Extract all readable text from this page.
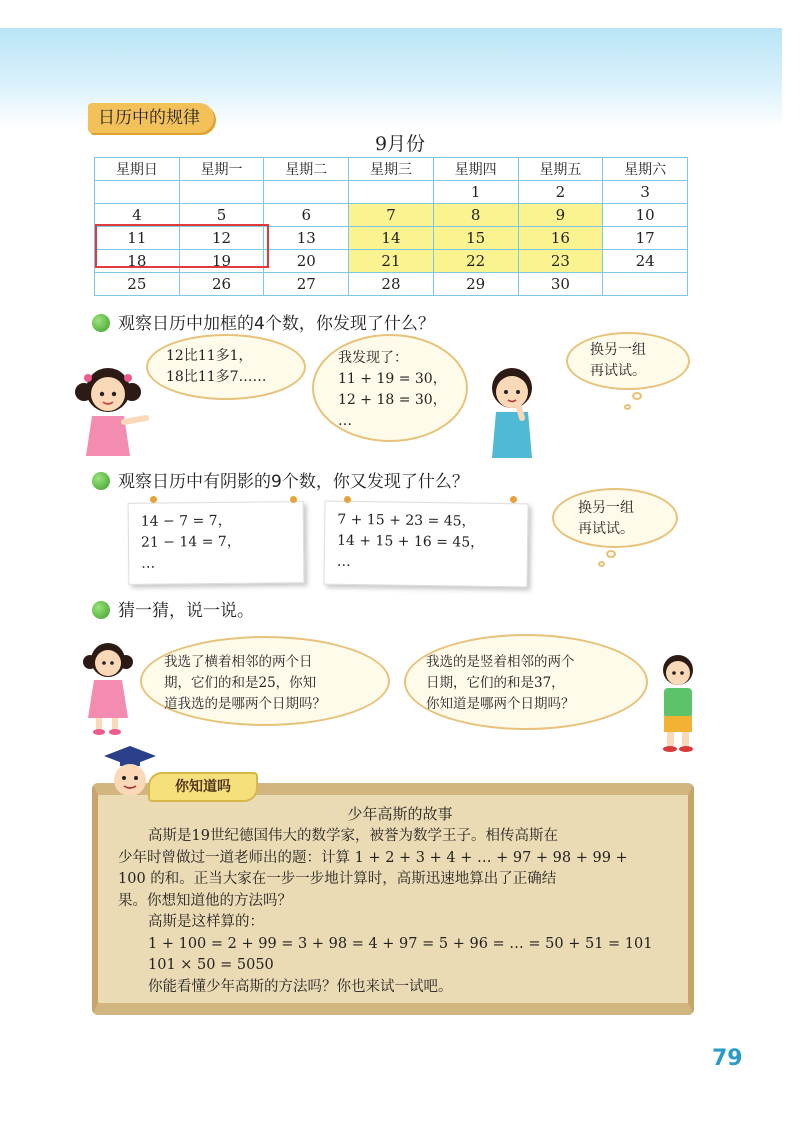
日历中的规律
9月份
星期日	星期一	星期二	星期三	星期四	星期五	星期六
				1	2	3
4	5	6	7	8	9	10
11	12	13	14	15	16	17
18	19	20	21	22	23	24
25	26	27	28	29	30	
观察日历中加框的4个数，你发现了什么？
12比11多1，
18比11多7……
我发现了：
11 + 19 = 30，
12 + 18 = 30，
…
换另一组
再试试。
观察日历中有阴影的9个数，你又发现了什么？
14 − 7 = 7，
21 − 14 = 7，
…
7 + 15 + 23 = 45，
14 + 15 + 16 = 45，
…
换另一组
再试试。
猜一猜，说一说。
我选了横着相邻的两个日
期，它们的和是25，你知
道我选的是哪两个日期吗？
我选的是竖着相邻的两个
日期，它们的和是37，
你知道是哪两个日期吗？
你知道吗
少年高斯的故事
高斯是19世纪德国伟大的数学家，被誉为数学王子。相传高斯在
少年时曾做过一道老师出的题：计算 1 + 2 + 3 + 4 + … + 97 + 98 + 99 +
100 的和。正当大家在一步一步地计算时，高斯迅速地算出了正确结
果。你想知道他的方法吗？
高斯是这样算的：
1 + 100 = 2 + 99 = 3 + 98 = 4 + 97 = 5 + 96 = … = 50 + 51 = 101
101 × 50 = 5050
你能看懂少年高斯的方法吗？你也来试一试吧。
79
